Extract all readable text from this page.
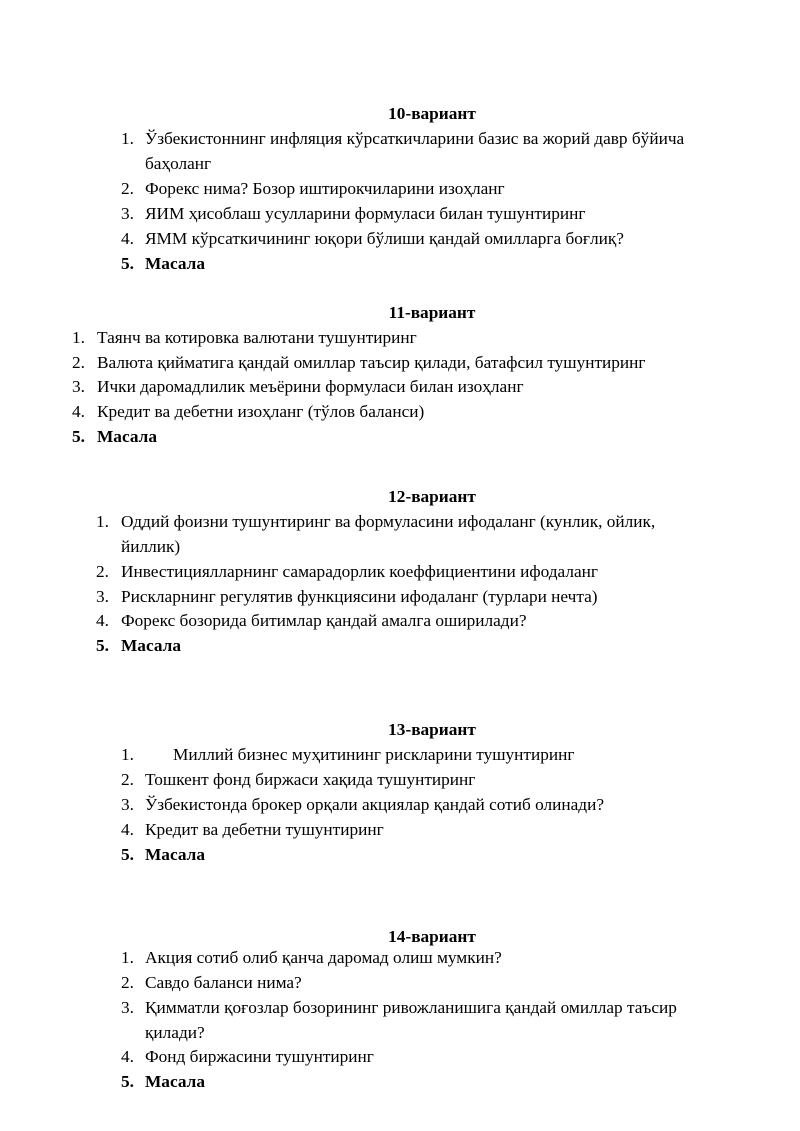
10-вариант
1. Ўзбекистоннинг инфляция кўрсаткичларини базис ва жорий давр бўйича
баҳоланг
2. Форекс нима? Бозор иштирокчиларини изоҳланг
3. ЯИМ ҳисоблаш усулларини формуласи билан тушунтиринг
4. ЯММ кўрсаткичининг юқори бўлиши қандай омилларга боғлиқ?
5. Масала
11-вариант
1. Таянч ва котировка валютани тушунтиринг
2. Валюта қийматига қандай омиллар таъсир қилади, батафсил тушунтиринг
3. Ички даромадлилик меъёрини формуласи билан изоҳланг
4. Кредит ва дебетни изоҳланг (тўлов баланси)
5. Масала
12-вариант
1. Оддий фоизни тушунтиринг ва формуласини ифодаланг (кунлик, ойлик,
йиллик)
2. Инвестициялларнинг самарадорлик коеффициентини ифодаланг
3. Рискларнинг регулятив функциясини ифодаланг (турлари нечта)
4. Форекс бозорида битимлар қандай амалга оширилади?
5. Масала
13-вариант
1. Миллий бизнес муҳитининг рискларини тушунтиринг
2. Тошкент фонд биржаси хақида тушунтиринг
3. Ўзбекистонда брокер орқали акциялар қандай сотиб олинади?
4. Кредит ва дебетни тушунтиринг
5. Масала
14-вариант
1. Акция сотиб олиб қанча даромад олиш мумкин?
2. Савдо баланси нима?
3. Қимматли қоғозлар бозорининг ривожланишига қандай омиллар таъсир
қилади?
4. Фонд биржасини тушунтиринг
5. Масала
